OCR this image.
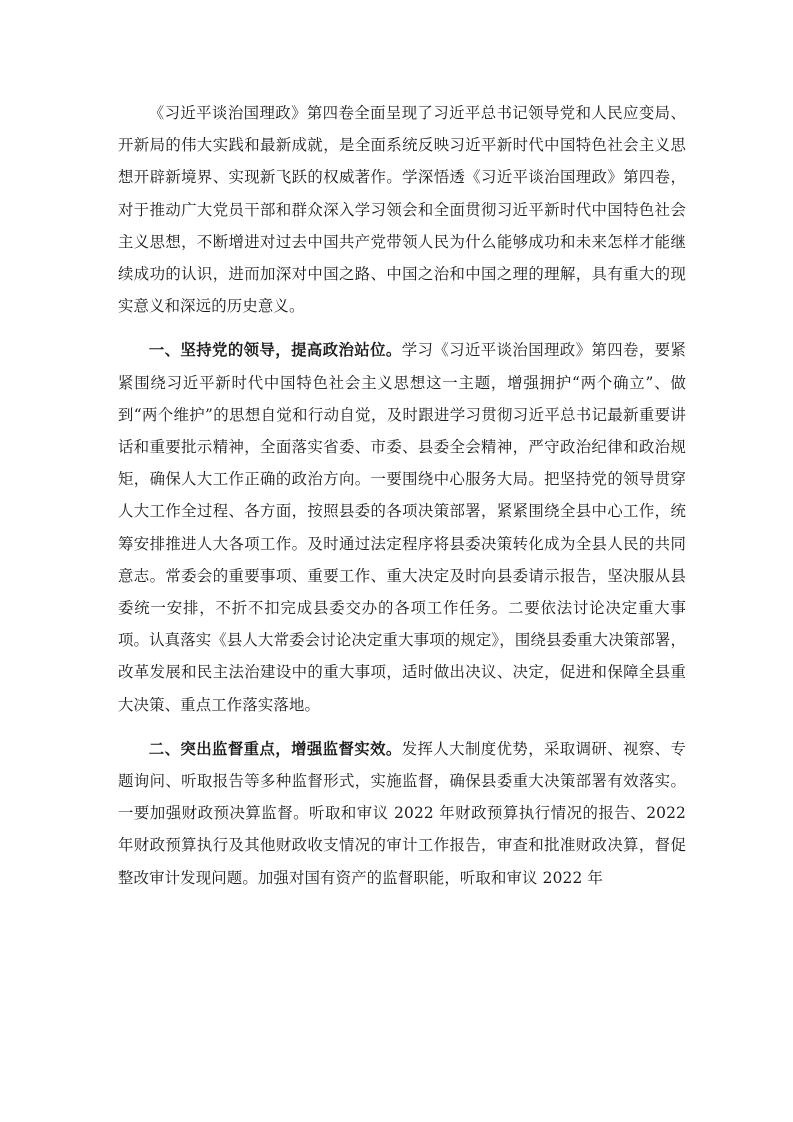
《习近平谈治国理政》第四卷全面呈现了习近平总书记领导党和人民应变局、开新局的伟大实践和最新成就，是全面系统反映习近平新时代中国特色社会主义思想开辟新境界、实现新飞跃的权威著作。学深悟透《习近平谈治国理政》第四卷，对于推动广大党员干部和群众深入学习领会和全面贯彻习近平新时代中国特色社会主义思想，不断增进对过去中国共产党带领人民为什么能够成功和未来怎样才能继续成功的认识，进而加深对中国之路、中国之治和中国之理的理解，具有重大的现实意义和深远的历史意义。

一、坚持党的领导，提高政治站位。学习《习近平谈治国理政》第四卷，要紧紧围绕习近平新时代中国特色社会主义思想这一主题，增强拥护“两个确立”、做到“两个维护”的思想自觉和行动自觉，及时跟进学习贯彻习近平总书记最新重要讲话和重要批示精神，全面落实省委、市委、县委全会精神，严守政治纪律和政治规矩，确保人大工作正确的政治方向。一要围绕中心服务大局。把坚持党的领导贯穿人大工作全过程、各方面，按照县委的各项决策部署，紧紧围绕全县中心工作，统筹安排推进人大各项工作。及时通过法定程序将县委决策转化成为全县人民的共同意志。常委会的重要事项、重要工作、重大决定及时向县委请示报告，坚决服从县委统一安排，不折不扣完成县委交办的各项工作任务。二要依法讨论决定重大事项。认真落实《县人大常委会讨论决定重大事项的规定》，围绕县委重大决策部署，改革发展和民主法治建设中的重大事项，适时做出决议、决定，促进和保障全县重大决策、重点工作落实落地。

二、突出监督重点，增强监督实效。发挥人大制度优势，采取调研、视察、专题询问、听取报告等多种监督形式，实施监督，确保县委重大决策部署有效落实。一要加强财政预决算监督。听取和审议 2022 年财政预算执行情况的报告、2022 年财政预算执行及其他财政收支情况的审计工作报告，审查和批准财政决算，督促整改审计发现问题。加强对国有资产的监督职能，听取和审议 2022 年
